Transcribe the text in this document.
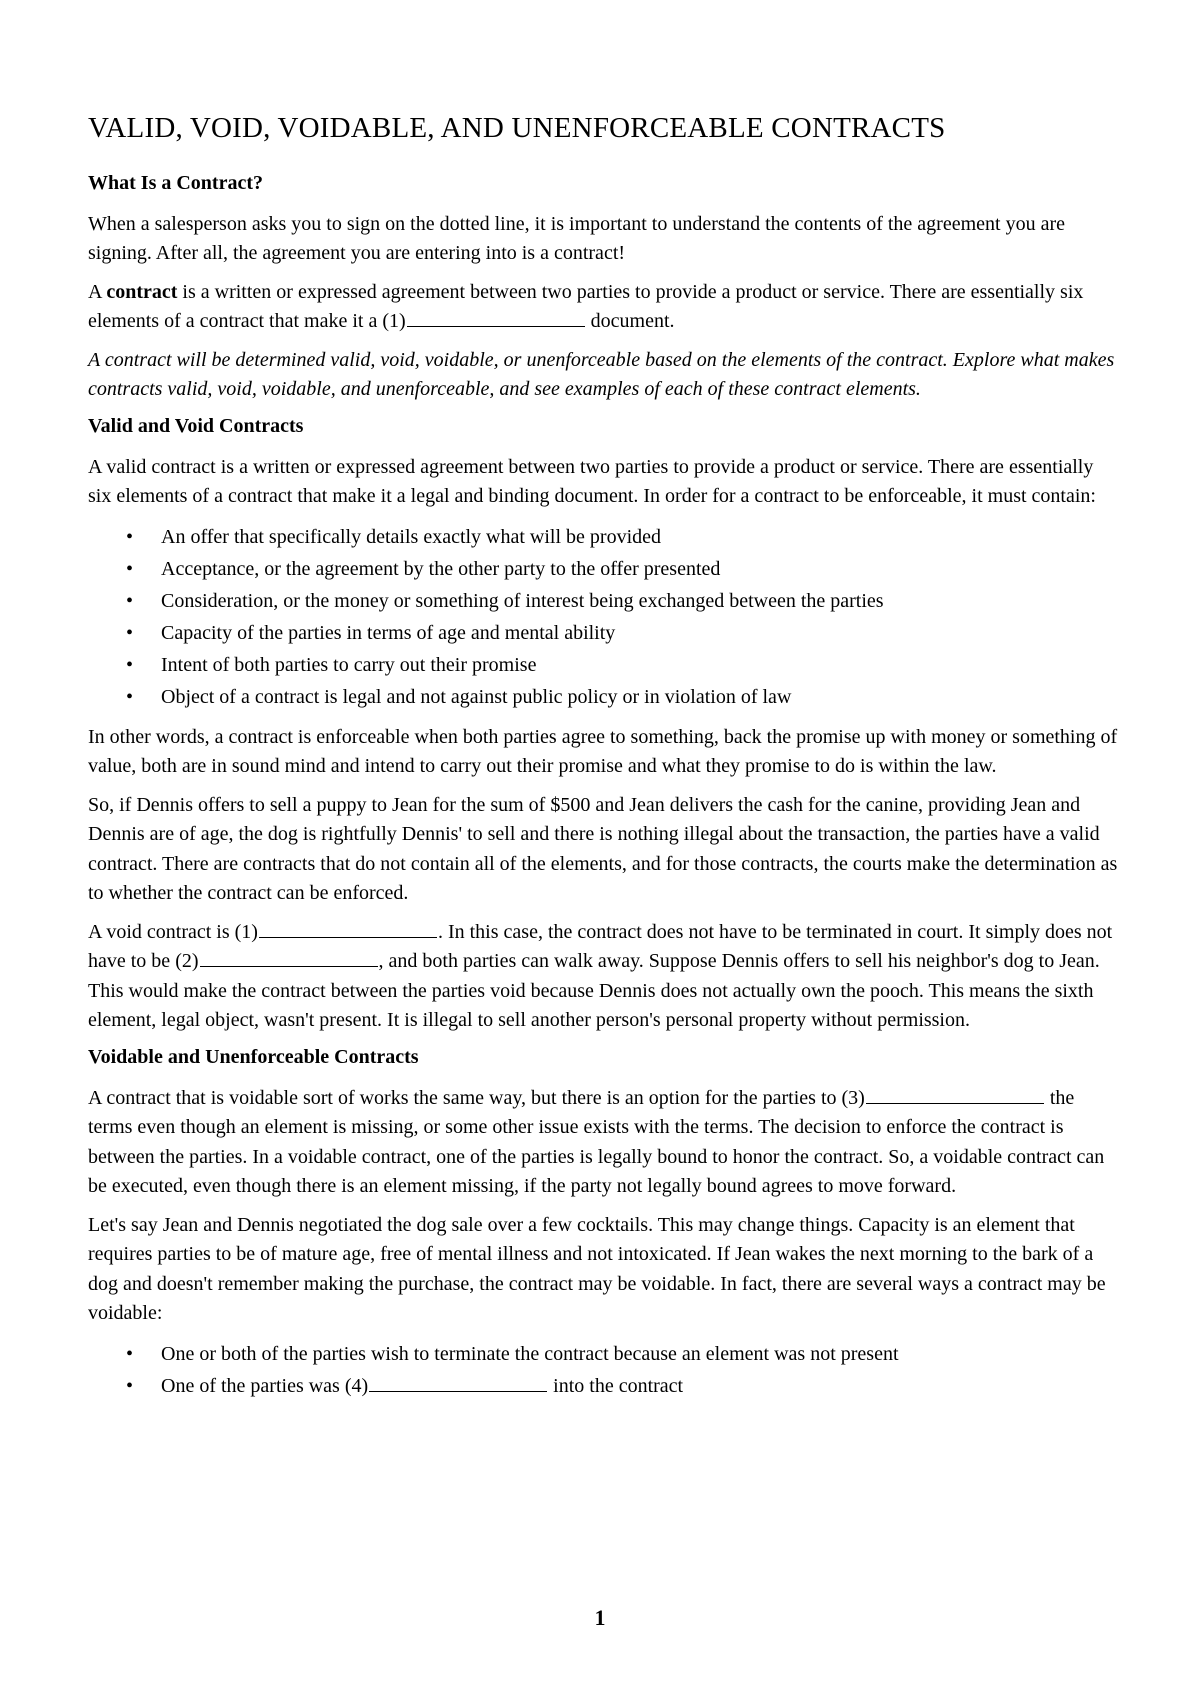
VALID, VOID, VOIDABLE, AND UNENFORCEABLE CONTRACTS
What Is a Contract?

When a salesperson asks you to sign on the dotted line, it is important to understand the contents of the agreement you are signing. After all, the agreement you are entering into is a contract!

A contract is a written or expressed agreement between two parties to provide a product or service. There are essentially six elements of a contract that make it a (1)	document.

A contract will be determined valid, void, voidable, or unenforceable based on the elements of the contract. Explore what makes contracts valid, void, voidable, and unenforceable, and see examples of each of these contract elements.

Valid and Void Contracts

A valid contract is a written or expressed agreement between two parties to provide a product or service. There are essentially six elements of a contract that make it a legal and binding document. In order for a contract to be enforceable, it must contain:

• An offer that specifically details exactly what will be provided
• Acceptance, or the agreement by the other party to the offer presented
• Consideration, or the money or something of interest being exchanged between the parties
• Capacity of the parties in terms of age and mental ability
• Intent of both parties to carry out their promise
• Object of a contract is legal and not against public policy or in violation of law

In other words, a contract is enforceable when both parties agree to something, back the promise up with money or something of value, both are in sound mind and intend to carry out their promise and what they promise to do is within the law.

So, if Dennis offers to sell a puppy to Jean for the sum of $500 and Jean delivers the cash for the canine, providing Jean and Dennis are of age, the dog is rightfully Dennis' to sell and there is nothing illegal about the transaction, the parties have a valid contract. There are contracts that do not contain all of the elements, and for those contracts, the courts make the determination as to whether the contract can be enforced.

A void contract is (1)	. In this case, the contract does not have to be terminated in court. It simply does not have to be (2)	, and both parties can walk away. Suppose Dennis offers to sell his neighbor's dog to Jean. This would make the contract between the parties void because Dennis does not actually own the pooch. This means the sixth element, legal object, wasn't present. It is illegal to sell another person's personal property without permission.

Voidable and Unenforceable Contracts

A contract that is voidable sort of works the same way, but there is an option for the parties to (3)	the terms even though an element is missing, or some other issue exists with the terms. The decision to enforce the contract is between the parties. In a voidable contract, one of the parties is legally bound to honor the contract. So, a voidable contract can be executed, even though there is an element missing, if the party not legally bound agrees to move forward.

Let's say Jean and Dennis negotiated the dog sale over a few cocktails. This may change things. Capacity is an element that requires parties to be of mature age, free of mental illness and not intoxicated. If Jean wakes the next morning to the bark of a dog and doesn't remember making the purchase, the contract may be voidable. In fact, there are several ways a contract may be voidable:

• One or both of the parties wish to terminate the contract because an element was not present
• One of the parties was (4)	into the contract
1
